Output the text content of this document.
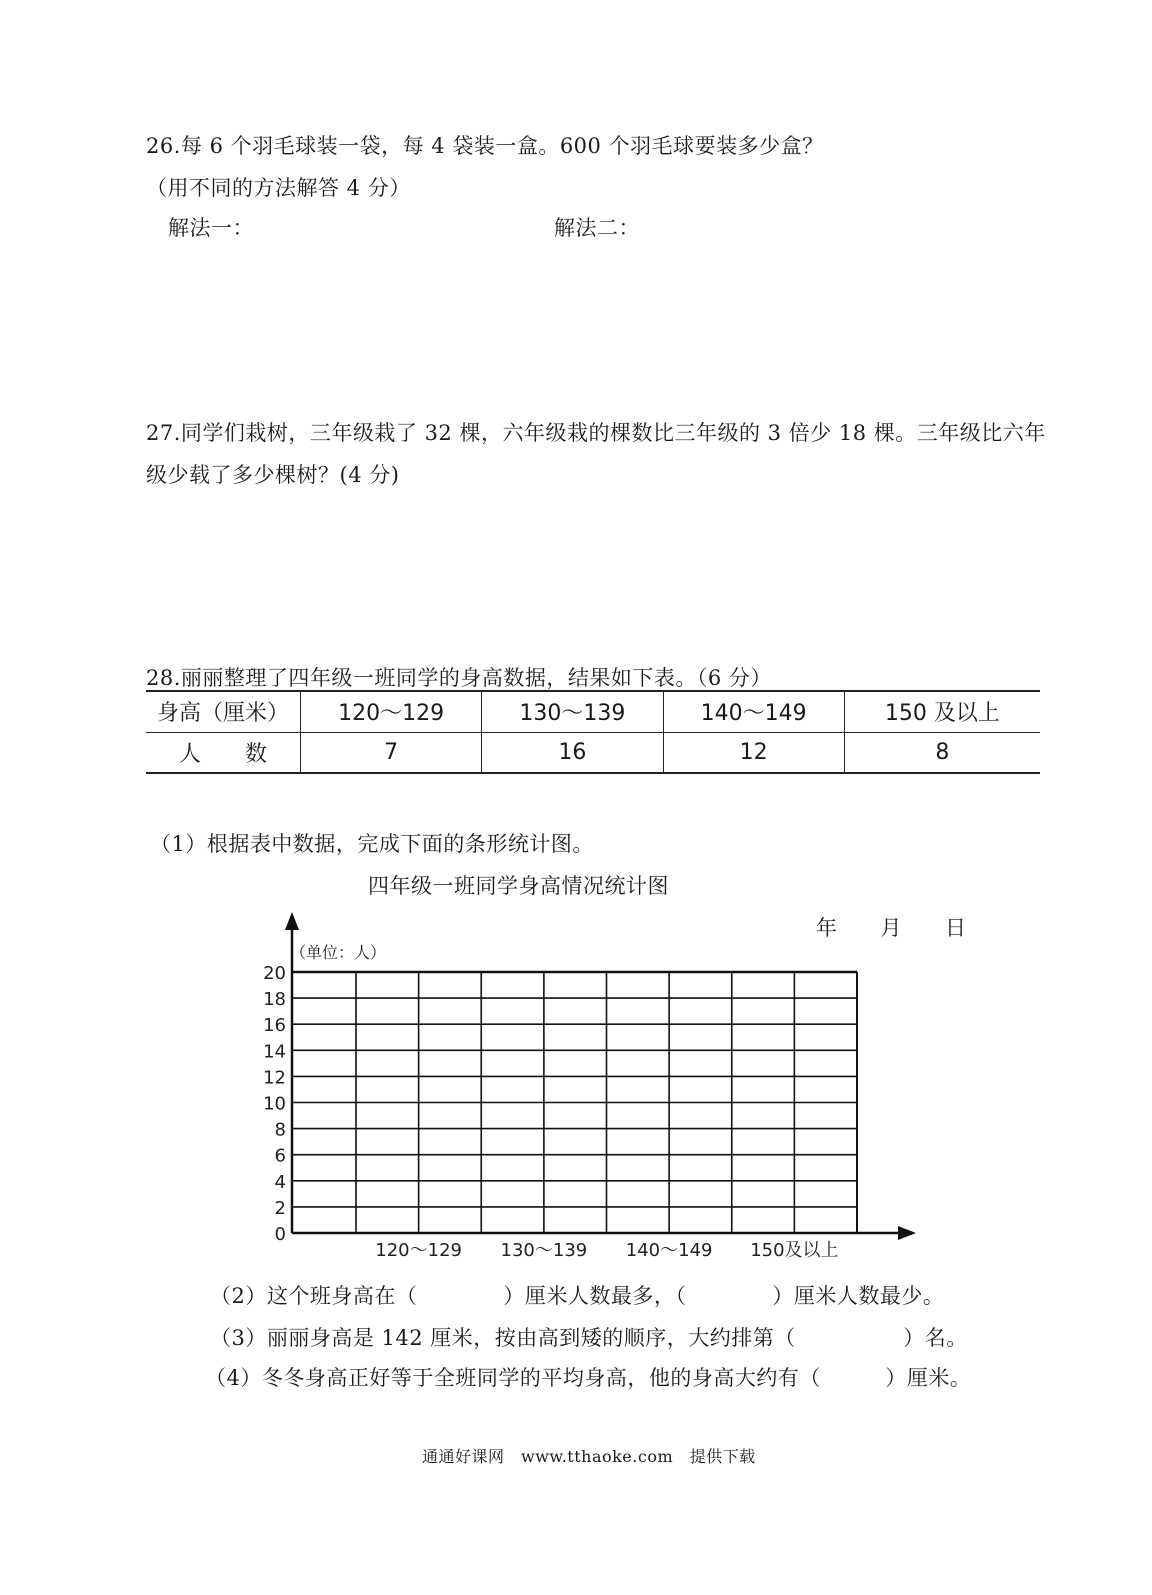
26.每 6 个羽毛球装一袋，每 4 袋装一盒。600 个羽毛球要装多少盒？
（用不同的方法解答 4 分）
解法一：	解法二：
27.同学们栽树，三年级栽了 32 棵，六年级栽的棵数比三年级的 3 倍少 18 棵。三年级比六年
级少载了多少棵树？(4 分)
28.丽丽整理了四年级一班同学的身高数据，结果如下表。（6 分）
身高（厘米）	120～129	130～139	140～149	150 及以上
人　　数	7	16	12	8
（1）根据表中数据，完成下面的条形统计图。
四年级一班同学身高情况统计图
年　　月　　日
（单位：人）
0
2
4
6
8
10
12
14
16
18
20
120～129 130～139 140～149 150及以上
（2）这个班身高在（　　　　）厘米人数最多，（　　　　）厘米人数最少。
（3）丽丽身高是 142 厘米，按由高到矮的顺序，大约排第（　　　　　）名。
（4）冬冬身高正好等于全班同学的平均身高，他的身高大约有（　　　）厘米。
通通好课网　www.tthaoke.com　提供下载
